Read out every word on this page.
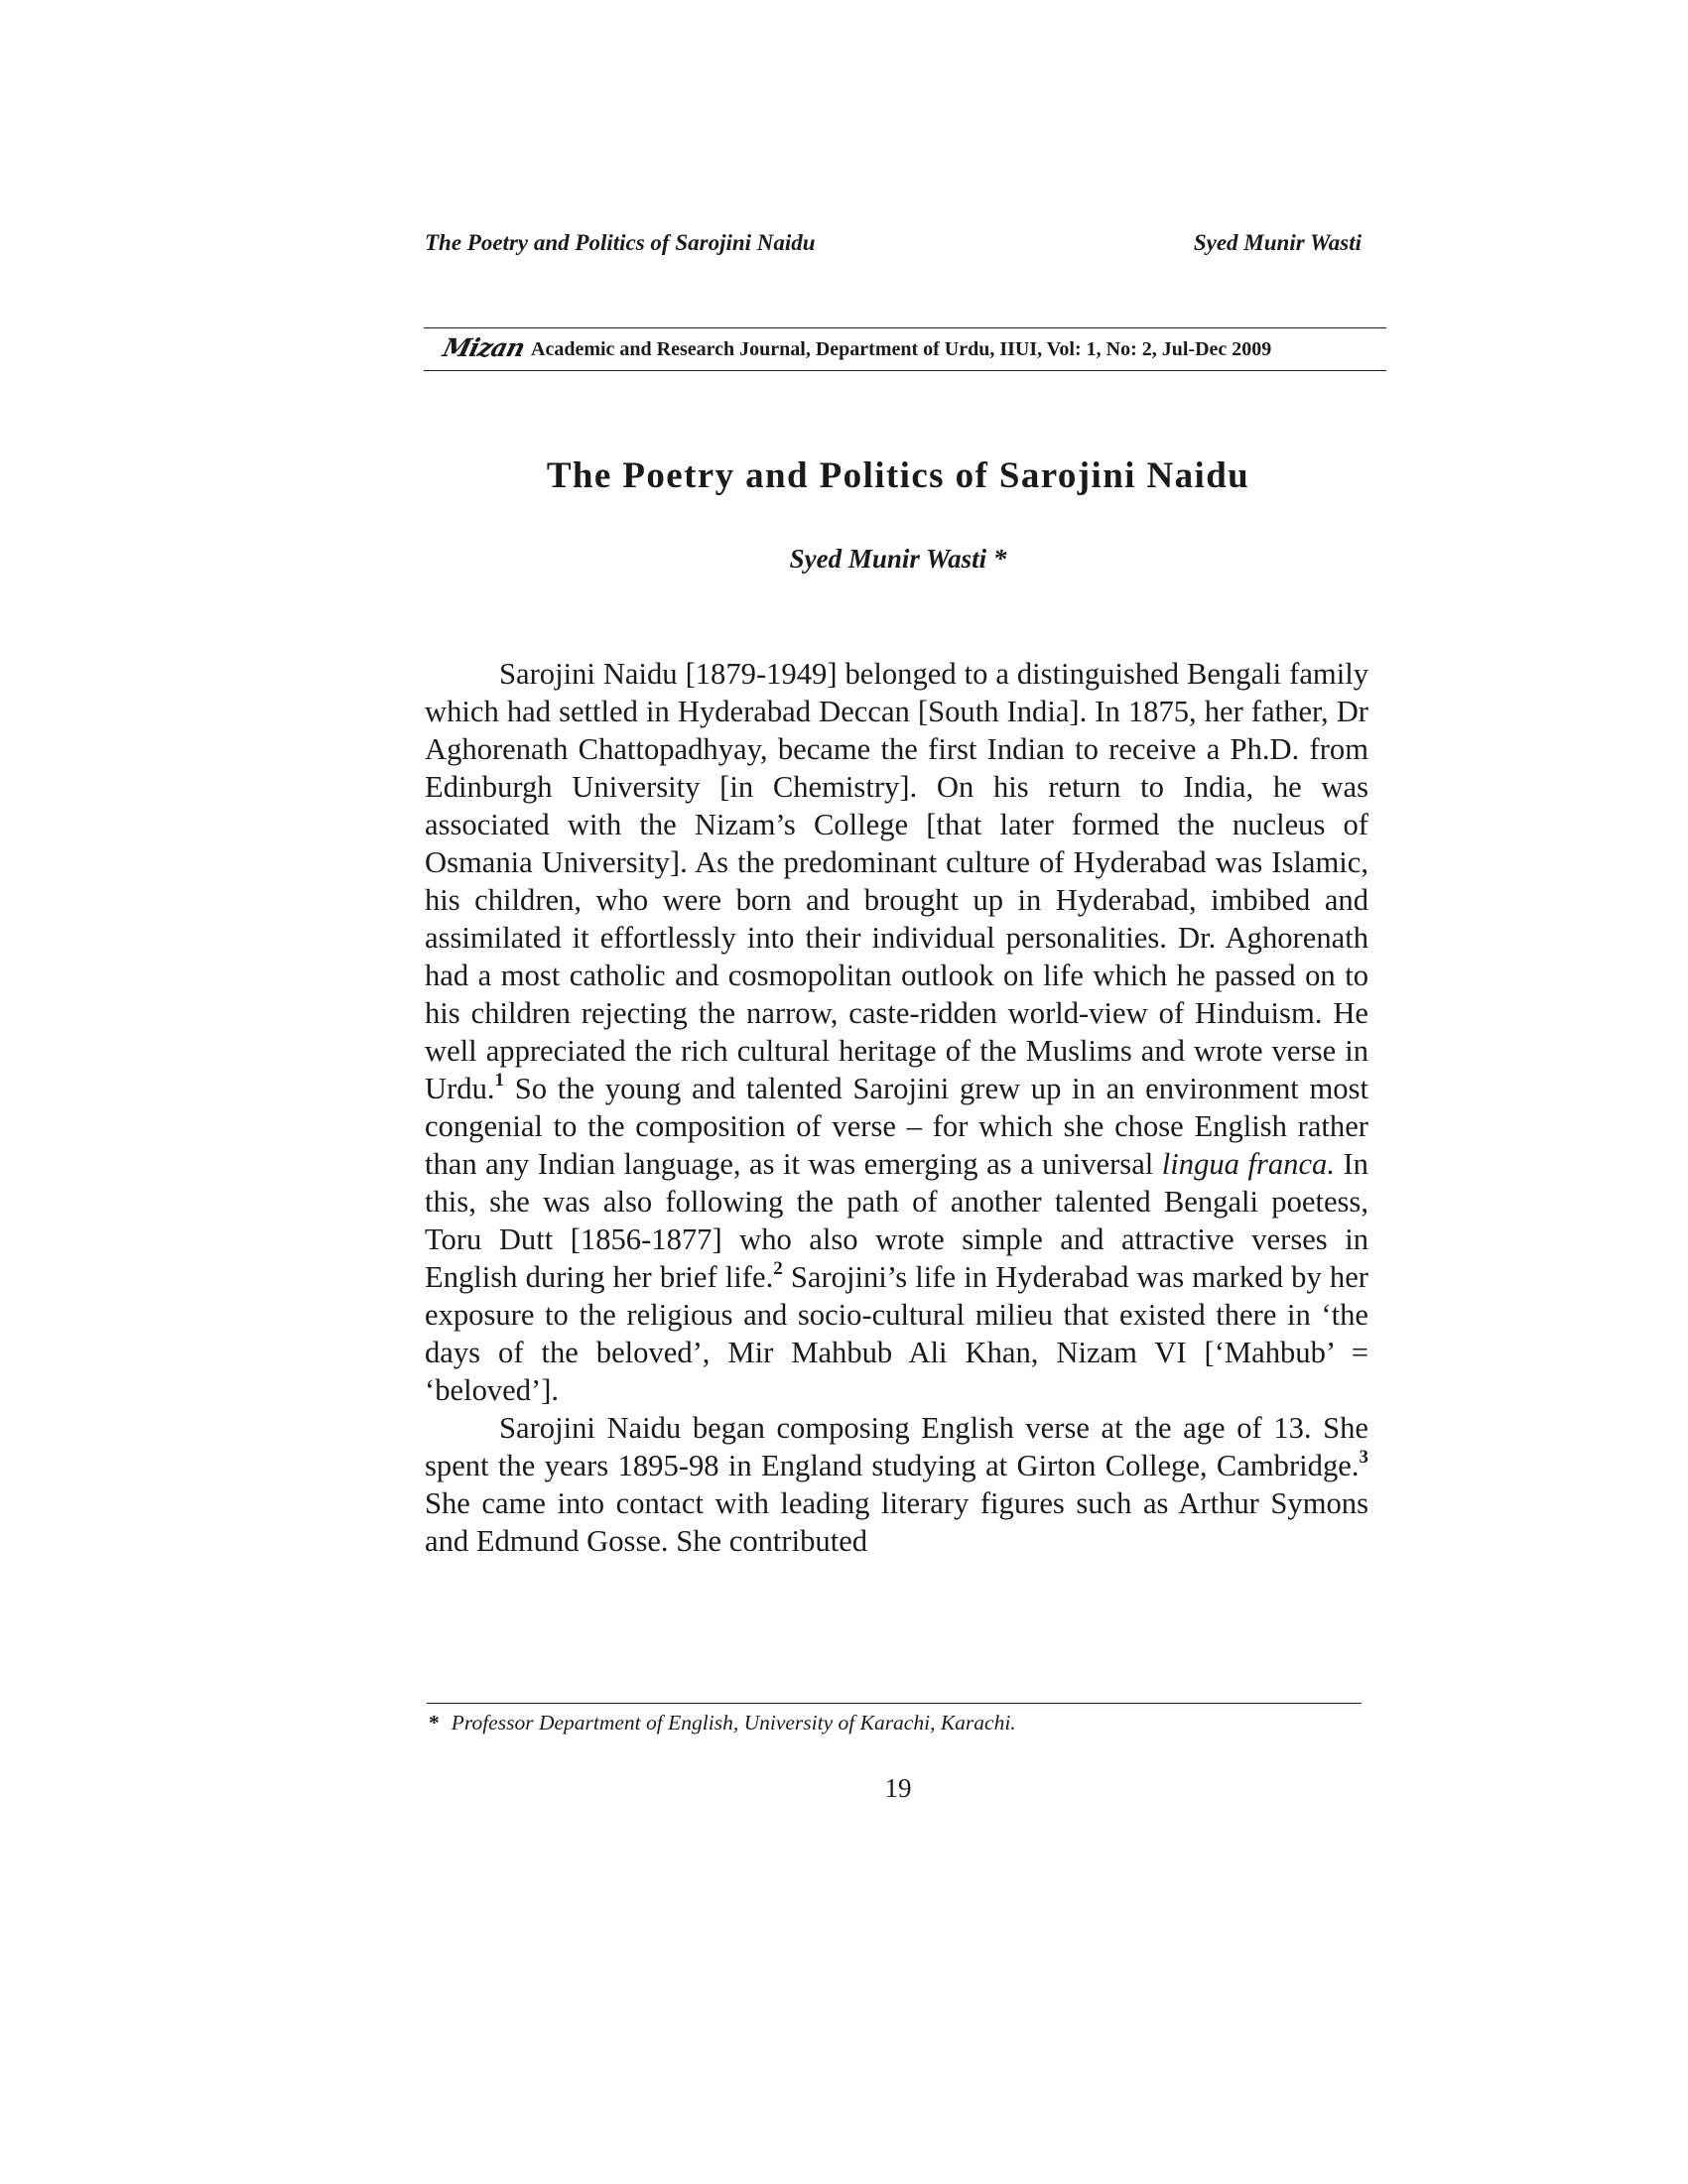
The Poetry and Politics of Sarojini Naidu	Syed Munir Wasti
Mizan Academic and Research Journal, Department of Urdu, IIUI, Vol: 1, No: 2, Jul-Dec 2009
The Poetry and Politics of Sarojini Naidu
Syed Munir Wasti *

Sarojini Naidu [1879-1949] belonged to a distinguished Bengali family which had settled in Hyderabad Deccan [South India]. In 1875, her father, Dr Aghorenath Chattopadhyay, became the first Indian to receive a Ph.D. from Edinburgh University [in Chemistry]. On his return to India, he was associated with the Nizam’s College [that later formed the nucleus of Osmania University]. As the predominant culture of Hyderabad was Islamic, his children, who were born and brought up in Hyderabad, imbibed and assimilated it effortlessly into their individual personalities. Dr. Aghorenath had a most catholic and cosmopolitan outlook on life which he passed on to his children rejecting the narrow, caste-ridden world-view of Hinduism. He well appreciated the rich cultural heritage of the Muslims and wrote verse in Urdu.$^1$ So the young and talented Sarojini grew up in an environment most congenial to the composition of verse – for which she chose English rather than any Indian language, as it was emerging as a universal lingua franca. In this, she was also following the path of another talented Bengali poetess, Toru Dutt [1856-1877] who also wrote simple and attractive verses in English during her brief life.$^2$ Sarojini’s life in Hyderabad was marked by her exposure to the religious and socio-cultural milieu that existed there in ‘the days of the beloved’, Mir Mahbub Ali Khan, Nizam VI [‘Mahbub’ = ‘beloved’].

Sarojini Naidu began composing English verse at the age of 13. She spent the years 1895-98 in England studying at Girton College, Cambridge.$^3$ She came into contact with leading literary figures such as Arthur Symons and Edmund Gosse. She contributed

* Professor Department of English, University of Karachi, Karachi.
19
